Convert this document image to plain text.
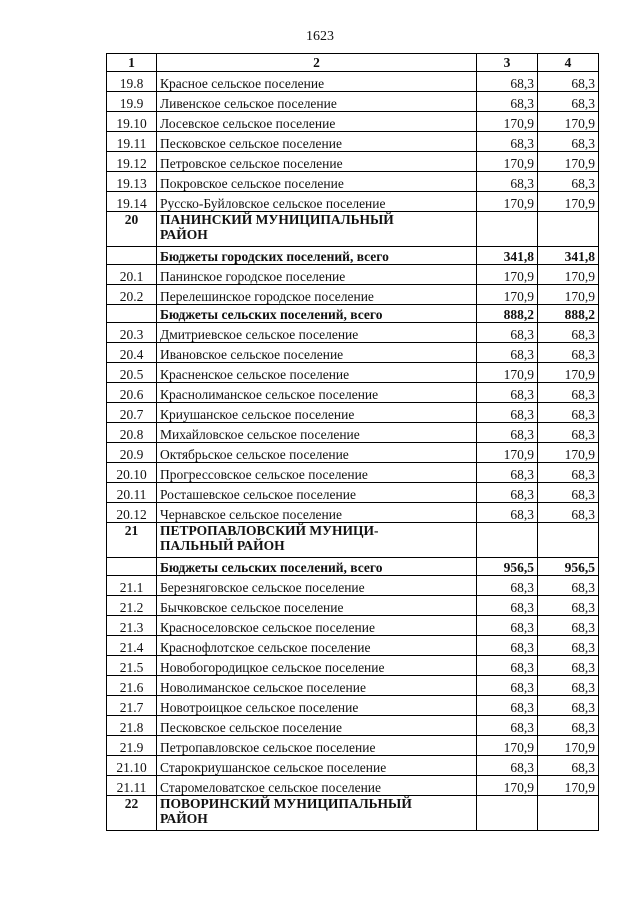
1623
1	2	3	4
19.8	Красное сельское поселение	68,3	68,3
19.9	Ливенское сельское поселение	68,3	68,3
19.10	Лосевское сельское поселение	170,9	170,9
19.11	Песковское сельское поселение	68,3	68,3
19.12	Петровское сельское поселение	170,9	170,9
19.13	Покровское сельское поселение	68,3	68,3
19.14	Русско-Буйловское сельское поселение	170,9	170,9
20	ПАНИНСКИЙ МУНИЦИПАЛЬНЫЙ
РАЙОН		

	Бюджеты городских поселений, всего	341,8	341,8
20.1	Панинское городское поселение	170,9	170,9
20.2	Перелешинское городское поселение	170,9	170,9
	Бюджеты сельских поселений, всего	888,2	888,2
20.3	Дмитриевское сельское поселение	68,3	68,3
20.4	Ивановское сельское поселение	68,3	68,3
20.5	Красненское сельское поселение	170,9	170,9
20.6	Краснолиманское сельское поселение	68,3	68,3
20.7	Криушанское сельское поселение	68,3	68,3
20.8	Михайловское сельское поселение	68,3	68,3
20.9	Октябрьское сельское поселение	170,9	170,9
20.10	Прогрессовское сельское поселение	68,3	68,3
20.11	Росташевское сельское поселение	68,3	68,3
20.12	Чернавское сельское поселение	68,3	68,3
21	ПЕТРОПАВЛОВСКИЙ МУНИЦИ-
ПАЛЬНЫЙ РАЙОН		

	Бюджеты сельских поселений, всего	956,5	956,5
21.1	Березняговское сельское поселение	68,3	68,3
21.2	Бычковское сельское поселение	68,3	68,3
21.3	Красноселовское сельское поселение	68,3	68,3
21.4	Краснофлотское сельское поселение	68,3	68,3
21.5	Новобогородицкое сельское поселение	68,3	68,3
21.6	Новолиманское сельское поселение	68,3	68,3
21.7	Новотроицкое сельское поселение	68,3	68,3
21.8	Песковское сельское поселение	68,3	68,3
21.9	Петропавловское сельское поселение	170,9	170,9
21.10	Старокриушанское сельское поселение	68,3	68,3
21.11	Старомеловатское сельское поселение	170,9	170,9
22	ПОВОРИНСКИЙ МУНИЦИПАЛЬНЫЙ
РАЙОН		
